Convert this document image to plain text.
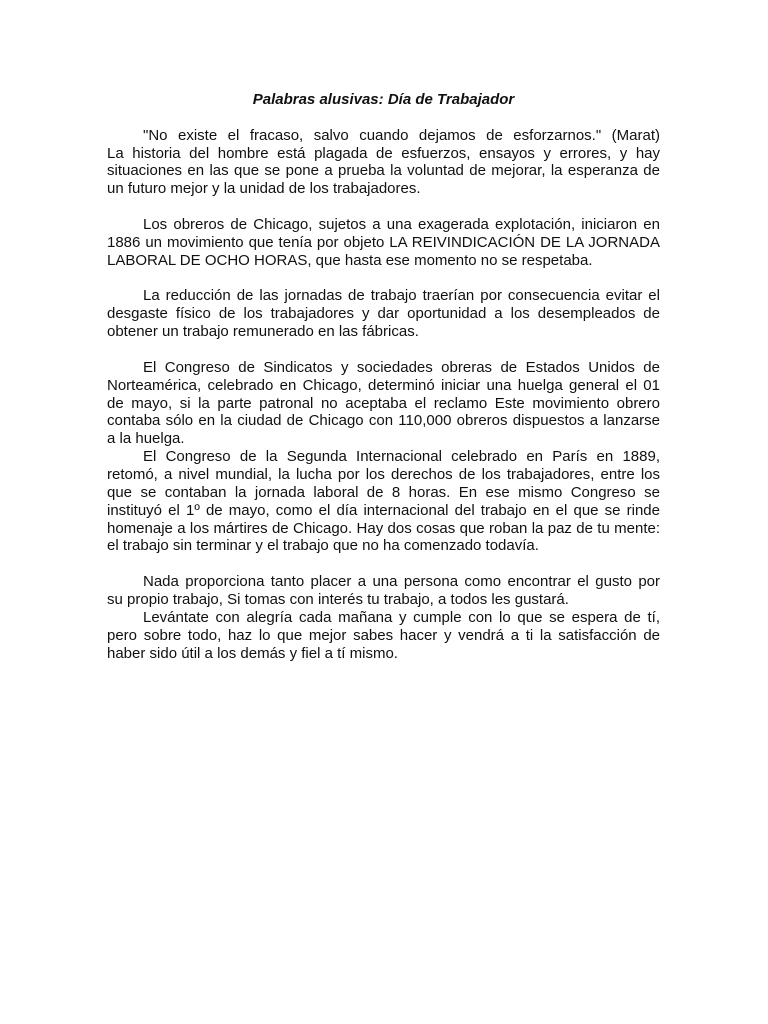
Palabras alusivas: Día de Trabajador

"No existe el fracaso, salvo cuando dejamos de esforzarnos." (Marat)
La historia del hombre está plagada de esfuerzos, ensayos y errores, y hay
situaciones en las que se pone a prueba la voluntad de mejorar, la esperanza de
un futuro mejor y la unidad de los trabajadores.

Los obreros de Chicago, sujetos a una exagerada explotación, iniciaron en
1886 un movimiento que tenía por objeto LA REIVINDICACIÓN DE LA JORNADA
LABORAL DE OCHO HORAS, que hasta ese momento no se respetaba.

La reducción de las jornadas de trabajo traerían por consecuencia evitar el
desgaste físico de los trabajadores y dar oportunidad a los desempleados de
obtener un trabajo remunerado en las fábricas.

El Congreso de Sindicatos y sociedades obreras de Estados Unidos de
Norteamérica, celebrado en Chicago, determinó iniciar una huelga general el 01
de mayo, si la parte patronal no aceptaba el reclamo Este movimiento obrero
contaba sólo en la ciudad de Chicago con 110,000 obreros dispuestos a lanzarse
a la huelga.

El Congreso de la Segunda Internacional celebrado en París en 1889,
retomó, a nivel mundial, la lucha por los derechos de los trabajadores, entre los
que se contaban la jornada laboral de 8 horas. En ese mismo Congreso se
instituyó el 1º de mayo, como el día internacional del trabajo en el que se rinde
homenaje a los mártires de Chicago. Hay dos cosas que roban la paz de tu mente:
el trabajo sin terminar y el trabajo que no ha comenzado todavía.

Nada proporciona tanto placer a una persona como encontrar el gusto por
su propio trabajo, Si tomas con interés tu trabajo, a todos les gustará.

Levántate con alegría cada mañana y cumple con lo que se espera de tí,
pero sobre todo, haz lo que mejor sabes hacer y vendrá a ti la satisfacción de
haber sido útil a los demás y fiel a tí mismo.
